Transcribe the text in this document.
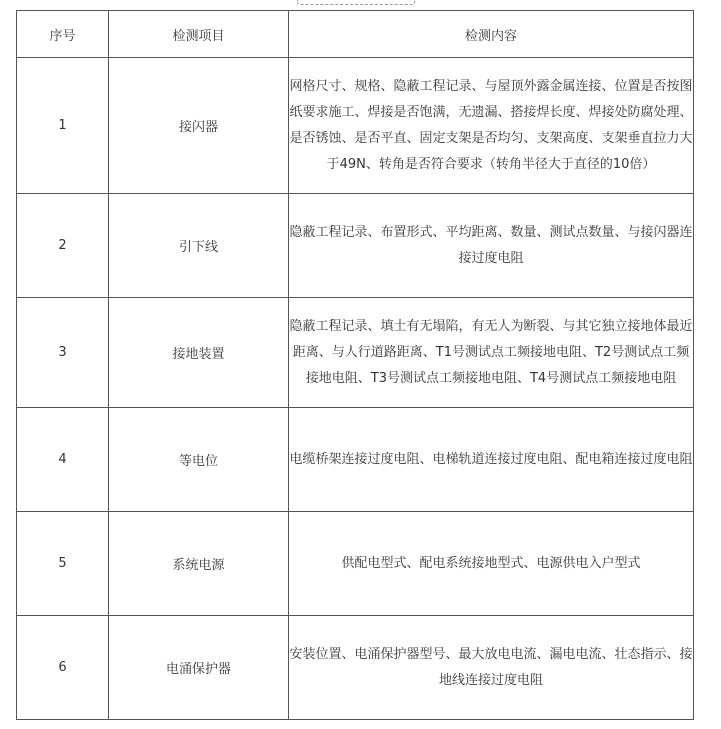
序号	检测项目	检测内容
1	接闪器	网格尺寸、规格、隐蔽工程记录、与屋顶外露金属连接、位置是否按图纸要求施工、焊接是否饱满，无遗漏、搭接焊长度、焊接处防腐处理、是否锈蚀、是否平直、固定支架是否均匀、支架高度、支架垂直拉力大于49N、转角是否符合要求（转角半径大于直径的10倍）
2	引下线	隐蔽工程记录、布置形式、平均距离、数量、测试点数量、与接闪器连接过度电阻
3	接地装置	隐蔽工程记录、填土有无塌陷，有无人为断裂、与其它独立接地体最近距离、与人行道路距离、T1号测试点工频接地电阻、T2号测试点工频接地电阻、T3号测试点工频接地电阻、T4号测试点工频接地电阻
4	等电位	电缆桥架连接过度电阻、电梯轨道连接过度电阻、配电箱连接过度电阻
5	系统电源	供配电型式、配电系统接地型式、电源供电入户型式
6	电涌保护器	安装位置、电涌保护器型号、最大放电电流、漏电电流、壮态指示、接地线连接过度电阻
